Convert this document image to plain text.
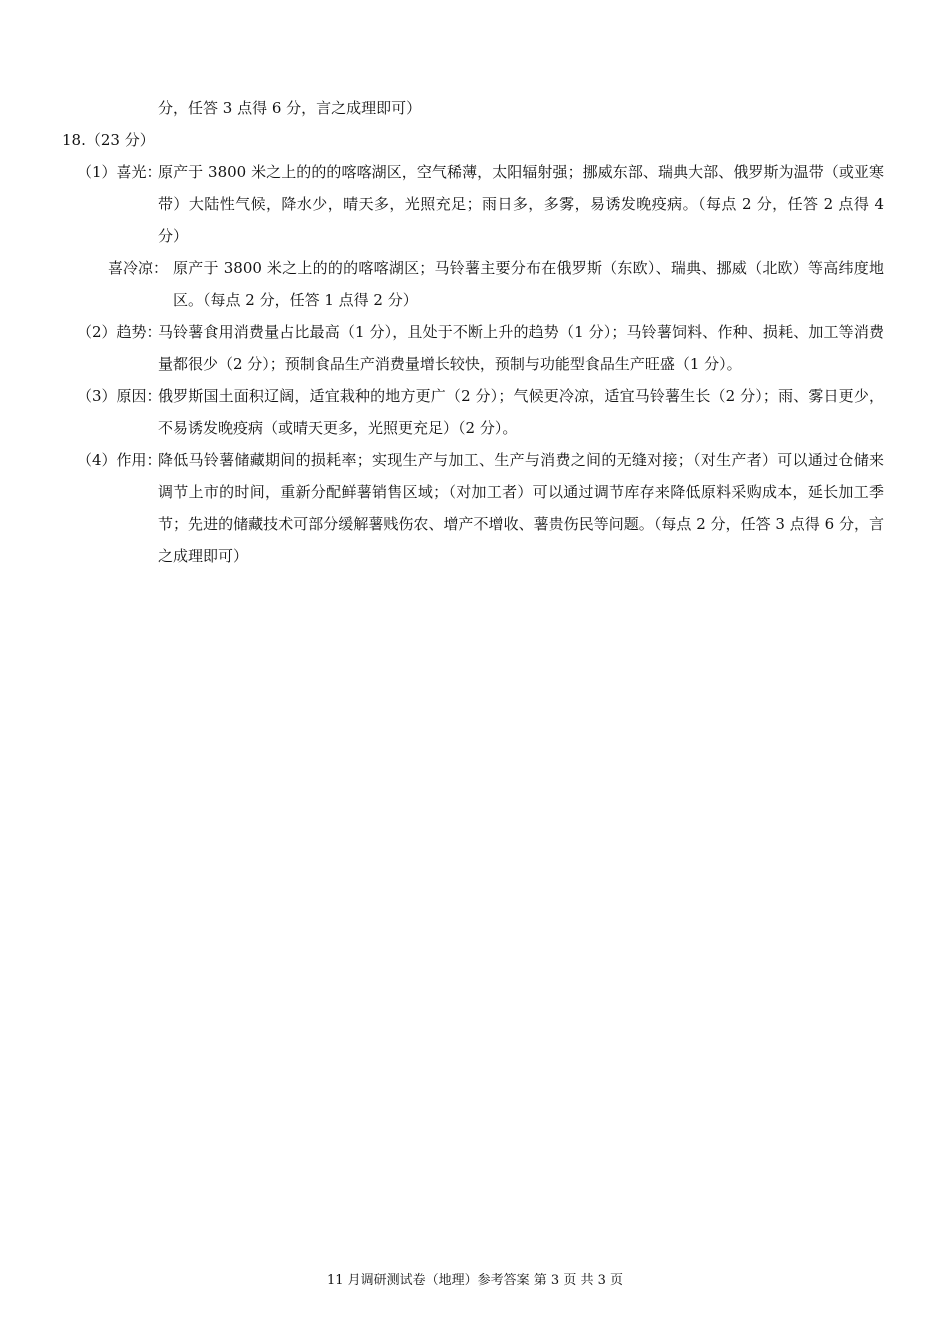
分，任答 3 点得 6 分，言之成理即可）
18.（23 分）
（1）喜光：
原产于 3800 米之上的的的喀喀湖区，空气稀薄，太阳辐射强；挪威东部、瑞典大部、俄罗斯为温带（或亚寒带）大陆性气候，降水少，晴天多，光照充足；雨日多，多雾，易诱发晚疫病。（每点 2 分，任答 2 点得 4 分）
喜冷凉： 原产于 3800 米之上的的的喀喀湖区；马铃薯主要分布在俄罗斯（东欧）、瑞典、挪威（北欧）等高纬度地区。（每点 2 分，任答 1 点得 2 分）
（2）趋势：
马铃薯食用消费量占比最高（1 分），且处于不断上升的趋势（1 分）；马铃薯饲料、作种、损耗、加工等消费量都很少（2 分）；预制食品生产消费量增长较快，预制与功能型食品生产旺盛（1 分）。
（3）原因：
俄罗斯国土面积辽阔，适宜栽种的地方更广（2 分）；气候更冷凉，适宜马铃薯生长（2 分）；雨、雾日更少，不易诱发晚疫病（或晴天更多，光照更充足）（2 分）。
（4）作用：
降低马铃薯储藏期间的损耗率；实现生产与加工、生产与消费之间的无缝对接；（对生产者）可以通过仓储来调节上市的时间，重新分配鲜薯销售区域；（对加工者）可以通过调节库存来降低原料采购成本，延长加工季节；先进的储藏技术可部分缓解薯贱伤农、增产不增收、薯贵伤民等问题。（每点 2 分，任答 3 点得 6 分，言之成理即可）
11 月调研测试卷（地理）参考答案 第 3 页 共 3 页
